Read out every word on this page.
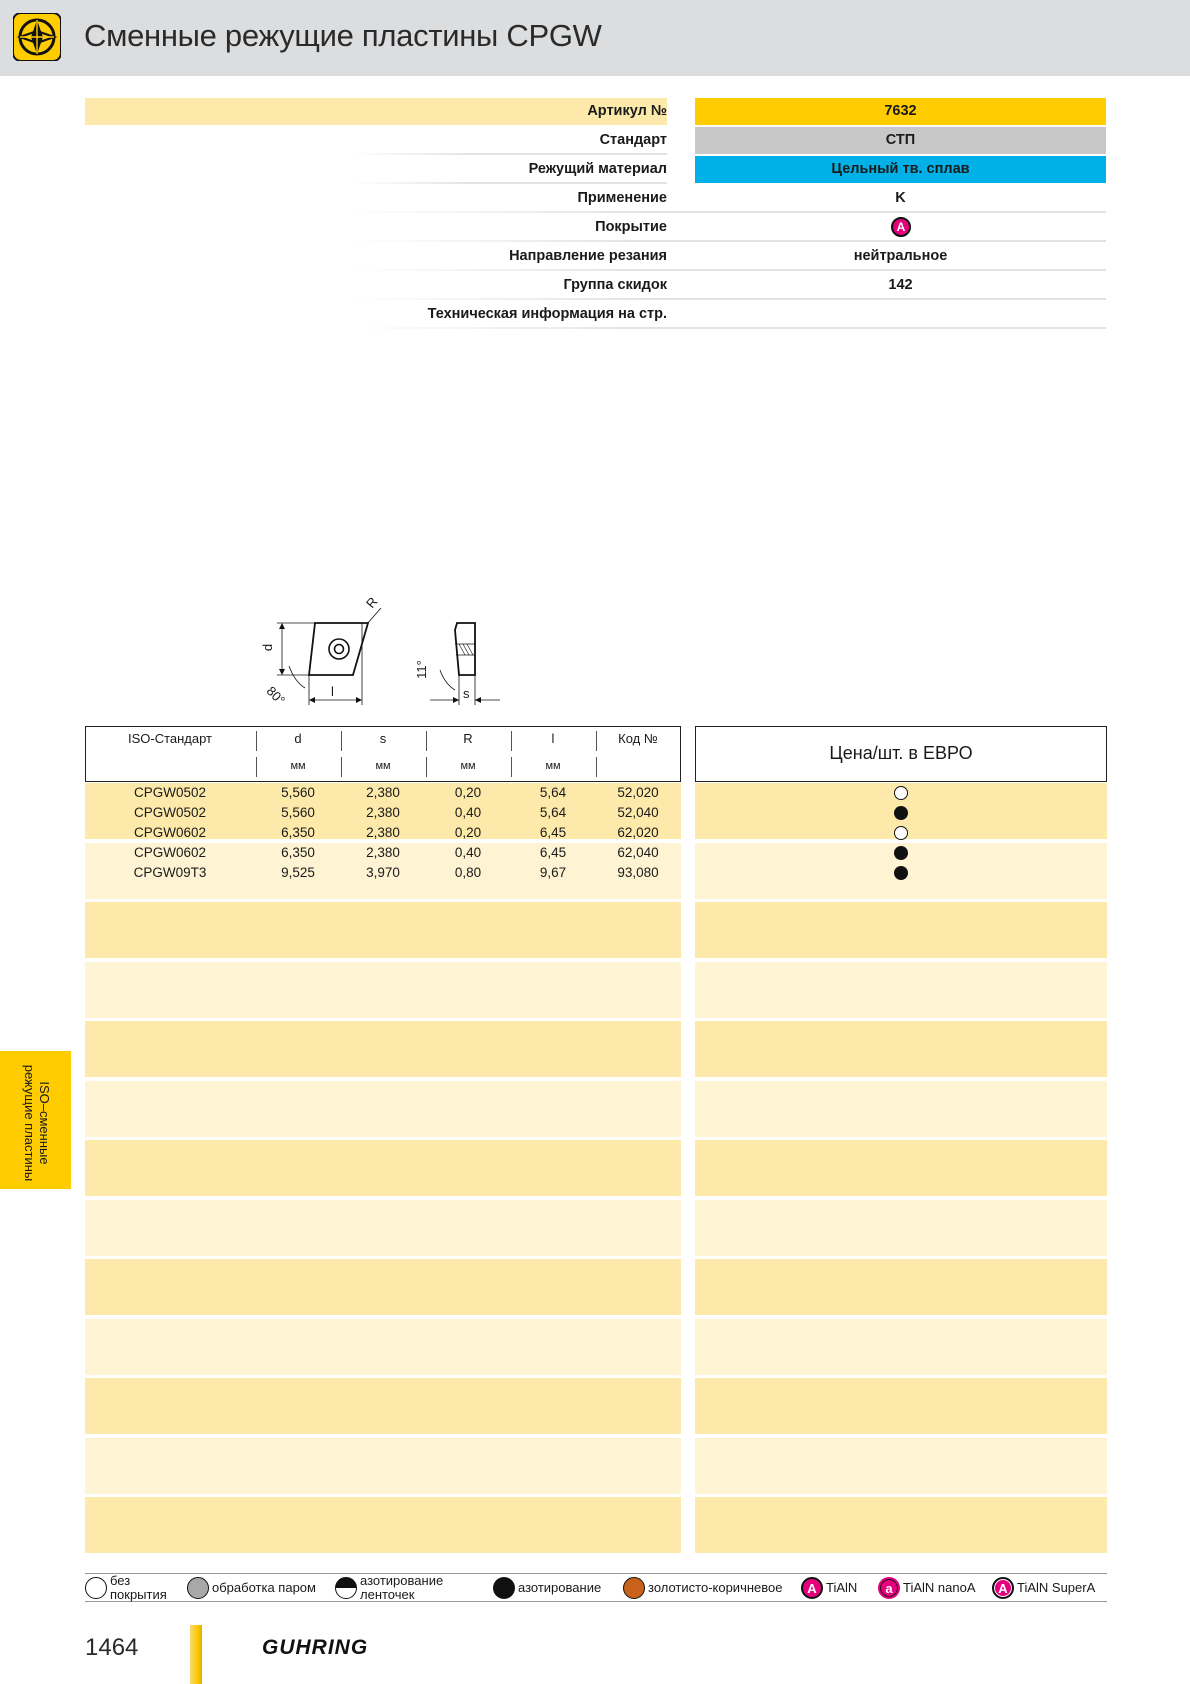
Сменные режущие пластины CPGW
Артикул №	7632
Стандарт	СТП
Режущий материал	Цельный тв. сплав
Применение	K
Покрытие	A
Направление резания	нейтральное
Группа скидок	142
Техническая информация на стр.
d
R
l
80°
11°
s
Цена/шт. в ЕВРО
ISO-Стандарт	d	s	R	l	Код №
мм	мм	мм	мм
CPGW0502	5,560	2,380	0,20	5,64	52,020
CPGW0502	5,560	2,380	0,40	5,64	52,040
CPGW0602	6,350	2,380	0,20	6,45	62,020
CPGW0602	6,350	2,380	0,40	6,45	62,040
CPGW09T3	9,525	3,970	0,80	9,67	93,080
ISO–сменные
режущие пластины
без
покрытия	обработка паром	азотирование
ленточек	азотирование	золотисто-коричневое	A TiAlN	a TiAlN nanoA	A TiAlN SuperA
1464	GUHRING
